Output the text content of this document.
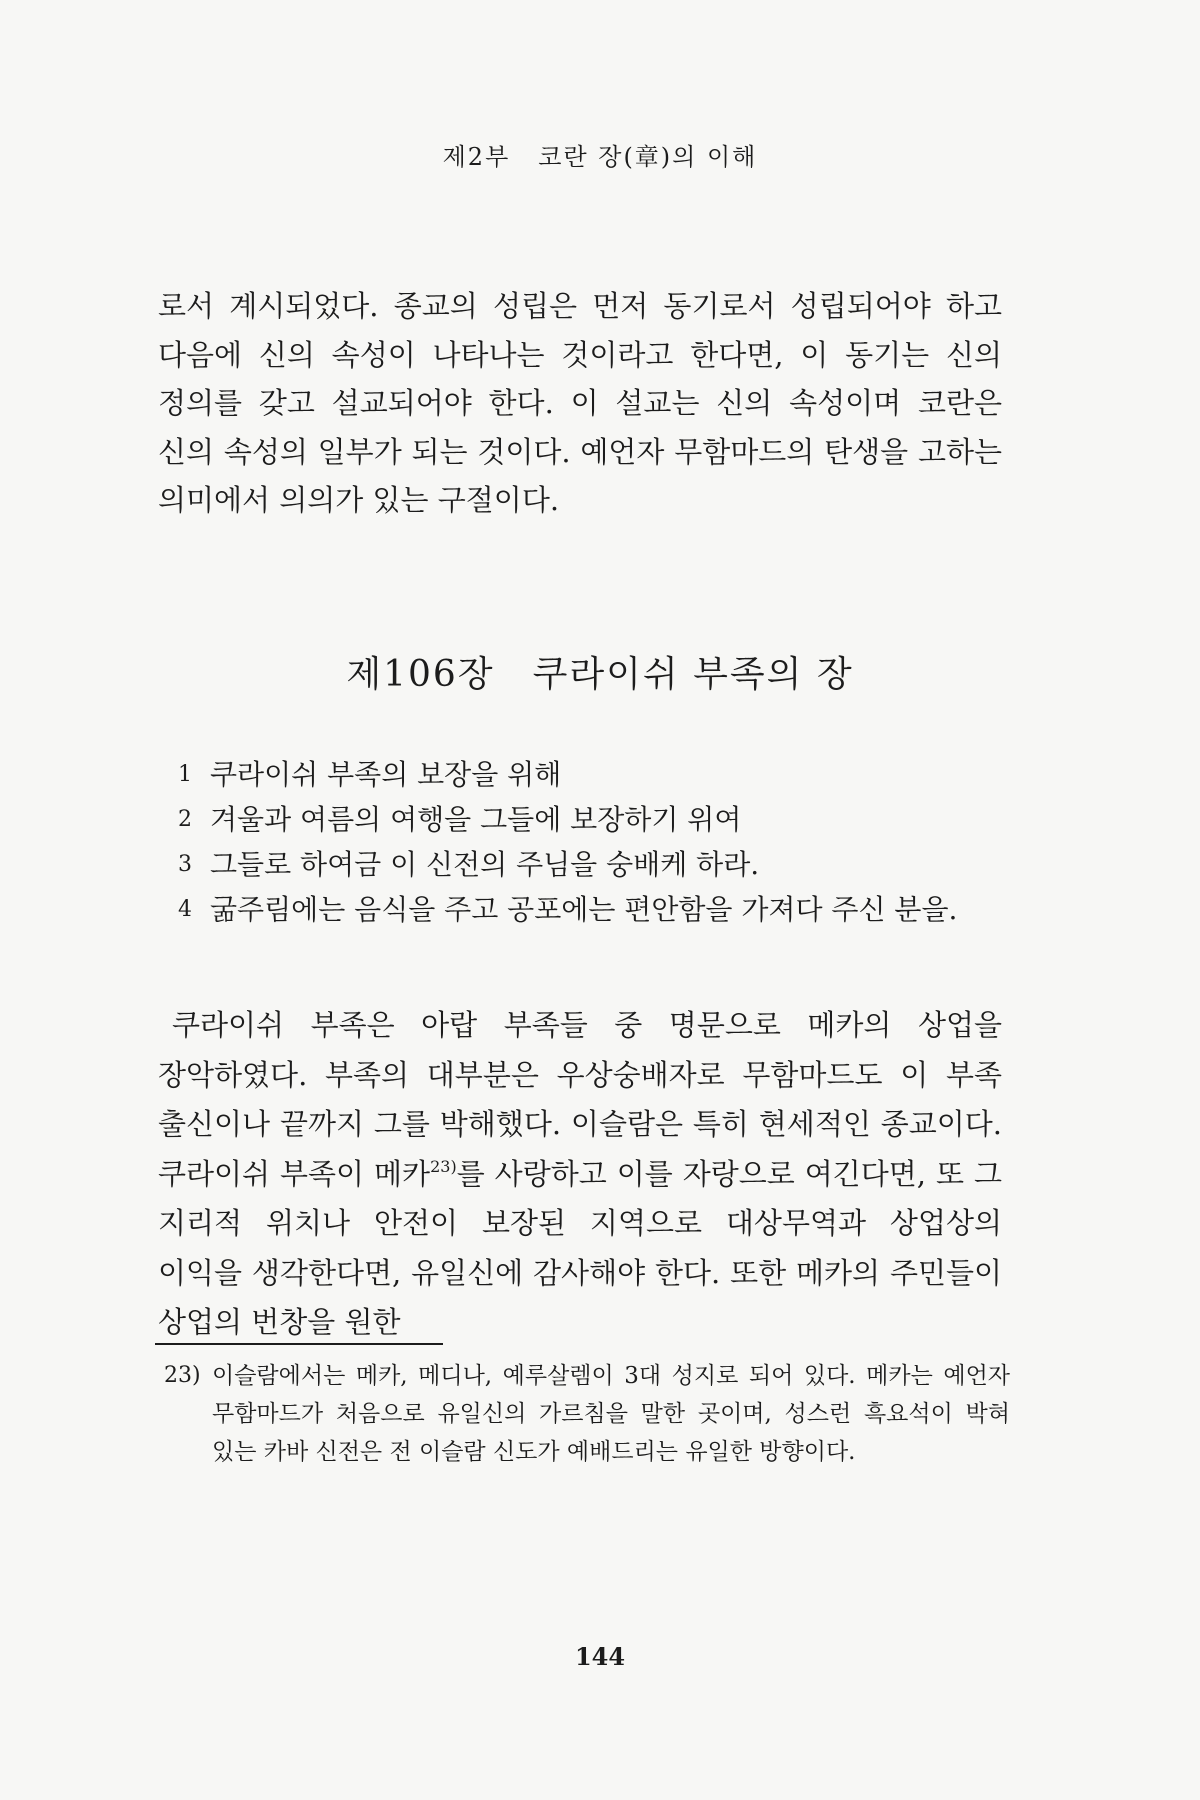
제2부 코란 장(章)의 이해
로서 계시되었다. 종교의 성립은 먼저 동기로서 성립되어야 하고 다음에 신의 속성이 나타나는 것이라고 한다면, 이 동기는 신의 정의를 갖고 설교되어야 한다. 이 설교는 신의 속성이며 코란은 신의 속성의 일부가 되는 것이다. 예언자 무함마드의 탄생을 고하는 의미에서 의의가 있는 구절이다.
제106장 쿠라이쉬 부족의 장
1 쿠라이쉬 부족의 보장을 위해
2 겨울과 여름의 여행을 그들에 보장하기 위여
3 그들로 하여금 이 신전의 주님을 숭배케 하라.
4 굶주림에는 음식을 주고 공포에는 편안함을 가져다 주신 분을.
쿠라이쉬 부족은 아랍 부족들 중 명문으로 메카의 상업을 장악하였다. 부족의 대부분은 우상숭배자로 무함마드도 이 부족 출신이나 끝까지 그를 박해했다. 이슬람은 특히 현세적인 종교이다. 쿠라이쉬 부족이 메카$^{23)}$를 사랑하고 이를 자랑으로 여긴다면, 또 그 지리적 위치나 안전이 보장된 지역으로 대상무역과 상업상의 이익을 생각한다면, 유일신에 감사해야 한다. 또한 메카의 주민들이 상업의 번창을 원한
23) 이슬람에서는 메카, 메디나, 예루살렘이 3대 성지로 되어 있다. 메카는 예언자 무함마드가 처음으로 유일신의 가르침을 말한 곳이며, 성스런 흑요석이 박혀 있는 카바 신전은 전 이슬람 신도가 예배드리는 유일한 방향이다.
144
